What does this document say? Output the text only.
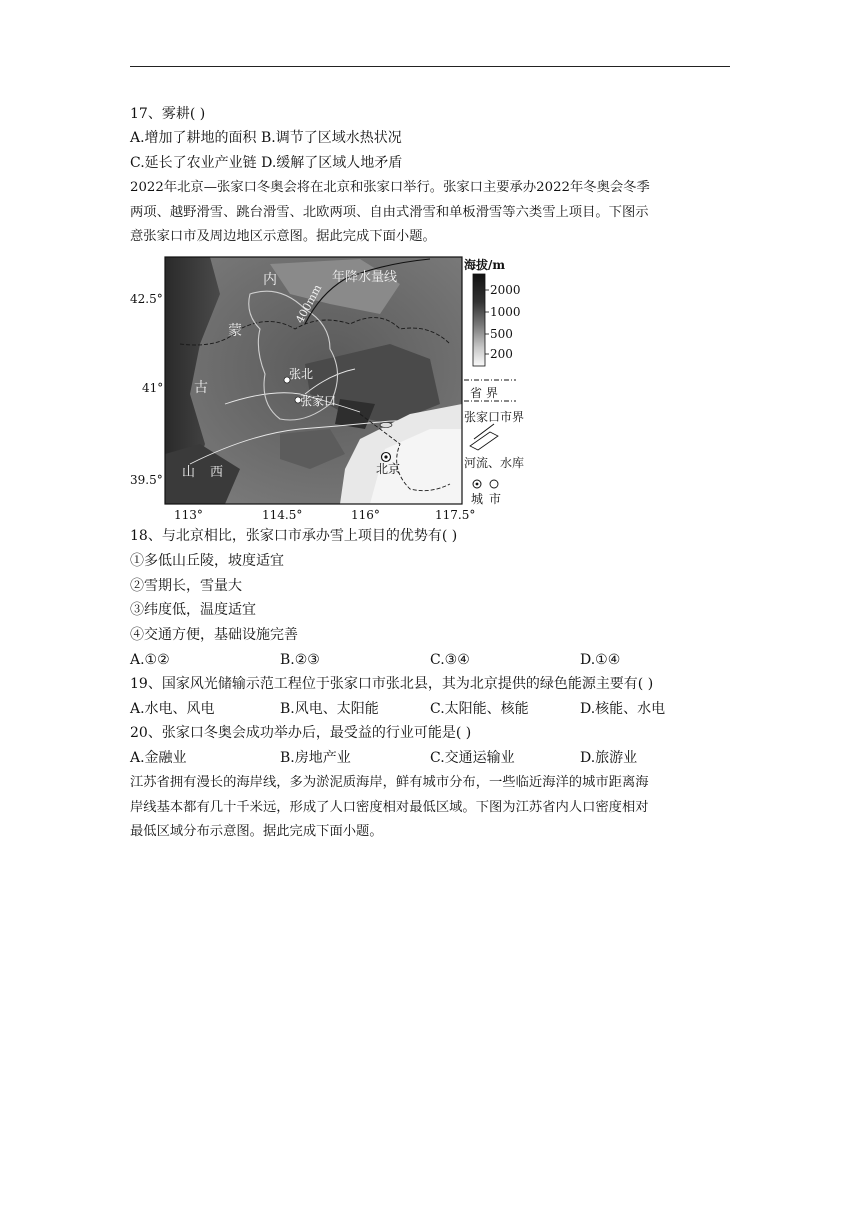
17、雾耕( )
A.增加了耕地的面积 B.调节了区域水热状况
C.延长了农业产业链 D.缓解了区域人地矛盾
2022年北京—张家口冬奥会将在北京和张家口举行。张家口主要承办2022年冬奥会冬季
两项、越野滑雪、跳台滑雪、北欧两项、自由式滑雪和单板滑雪等六类雪上项目。下图示
意张家口市及周边地区示意图。据此完成下面小题。
内
蒙
古
山 西
年降水量线
400mm
张北
张家口
北京
42.5°
41°
39.5°
113°	114.5°	116°	117.5°
海拔/m
2000
1000
500
200
省 界
张家口市界
河流、水库
城 市
18、与北京相比，张家口市承办雪上项目的优势有( )
①多低山丘陵，坡度适宜
②雪期长，雪量大
③纬度低，温度适宜
④交通方便，基础设施完善
A.①②	B.②③	C.③④	D.①④
19、国家风光储输示范工程位于张家口市张北县，其为北京提供的绿色能源主要有( )
A.水电、风电	B.风电、太阳能	C.太阳能、核能	D.核能、水电
20、张家口冬奥会成功举办后，最受益的行业可能是( )
A.金融业	B.房地产业	C.交通运输业	D.旅游业
江苏省拥有漫长的海岸线，多为淤泥质海岸，鲜有城市分布，一些临近海洋的城市距离海
岸线基本都有几十千米远，形成了人口密度相对最低区域。下图为江苏省内人口密度相对
最低区域分布示意图。据此完成下面小题。
